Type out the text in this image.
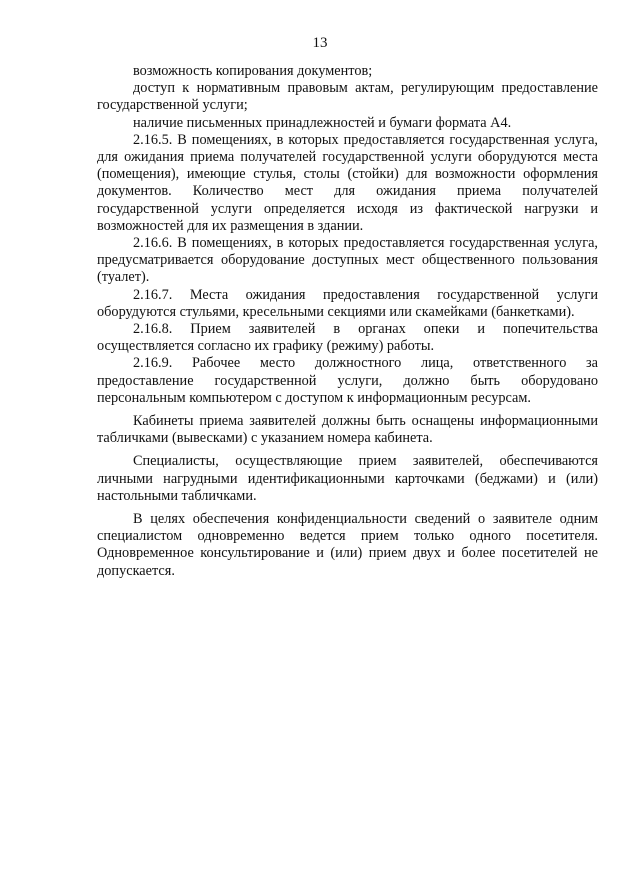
13

возможность копирования документов;

доступ к нормативным правовым актам, регулирующим предоставление государственной услуги;

наличие письменных принадлежностей и бумаги формата А4.

2.16.5. В помещениях, в которых предоставляется государственная услуга, для ожидания приема получателей государственной услуги оборудуются места (помещения), имеющие стулья, столы (стойки) для возможности оформления документов. Количество мест для ожидания приема получателей государственной услуги определяется исходя из фактической нагрузки и возможностей для их размещения в здании.

2.16.6. В помещениях, в которых предоставляется государственная услуга, предусматривается оборудование доступных мест общественного пользования (туалет).

2.16.7. Места ожидания предоставления государственной услуги оборудуются стульями, кресельными секциями или скамейками (банкетками).

2.16.8. Прием заявителей в органах опеки и попечительства осуществляется согласно их графику (режиму) работы.

2.16.9. Рабочее место должностного лица, ответственного за предоставление государственной услуги, должно быть оборудовано персональным компьютером с доступом к информационным ресурсам.

Кабинеты приема заявителей должны быть оснащены информационными табличками (вывесками) с указанием номера кабинета.

Специалисты, осуществляющие прием заявителей, обеспечиваются личными нагрудными идентификационными карточками (беджами) и (или) настольными табличками.

В целях обеспечения конфиденциальности сведений о заявителе одним специалистом одновременно ведется прием только одного посетителя. Одновременное консультирование и (или) прием двух и более посетителей не допускается.
